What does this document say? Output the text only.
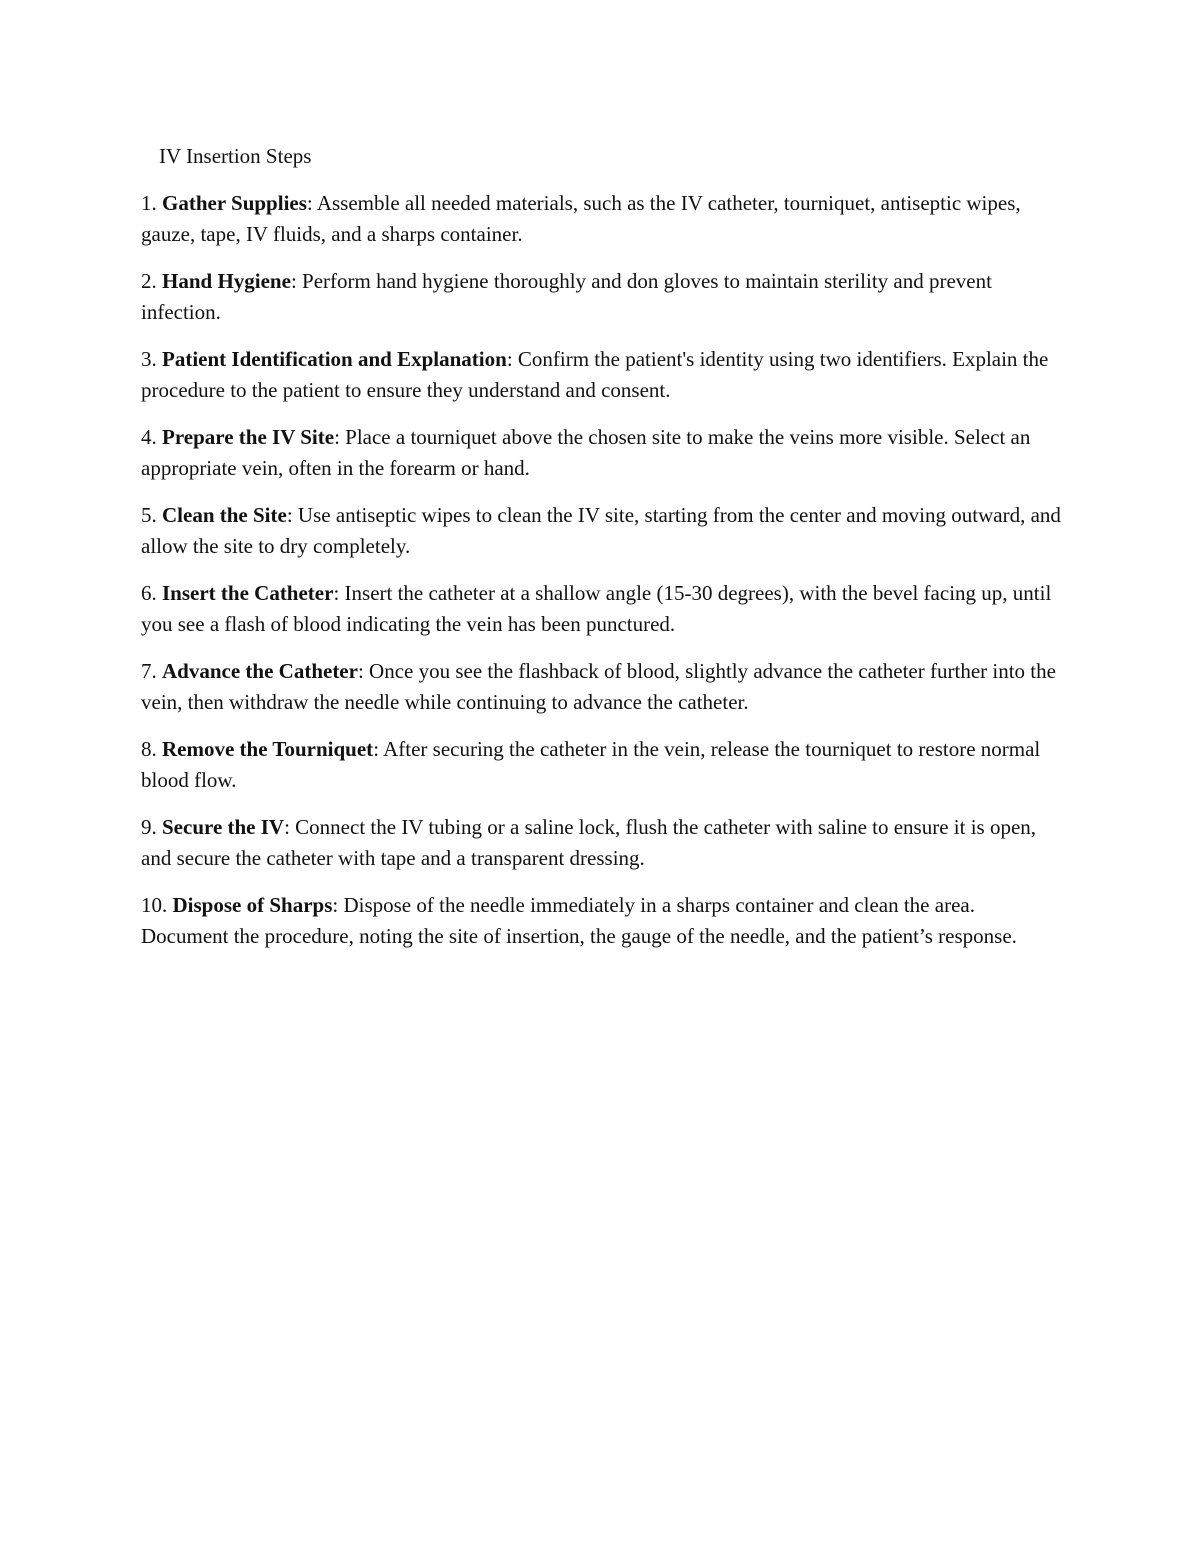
IV Insertion Steps

1. Gather Supplies: Assemble all needed materials, such as the IV catheter, tourniquet, antiseptic wipes, gauze, tape, IV fluids, and a sharps container.

2. Hand Hygiene: Perform hand hygiene thoroughly and don gloves to maintain sterility and prevent infection.

3. Patient Identification and Explanation: Confirm the patient's identity using two identifiers. Explain the procedure to the patient to ensure they understand and consent.

4. Prepare the IV Site: Place a tourniquet above the chosen site to make the veins more visible. Select an appropriate vein, often in the forearm or hand.

5. Clean the Site: Use antiseptic wipes to clean the IV site, starting from the center and moving outward, and allow the site to dry completely.

6. Insert the Catheter: Insert the catheter at a shallow angle (15-30 degrees), with the bevel facing up, until you see a flash of blood indicating the vein has been punctured.

7. Advance the Catheter: Once you see the flashback of blood, slightly advance the catheter further into the vein, then withdraw the needle while continuing to advance the catheter.

8. Remove the Tourniquet: After securing the catheter in the vein, release the tourniquet to restore normal blood flow.

9. Secure the IV: Connect the IV tubing or a saline lock, flush the catheter with saline to ensure it is open, and secure the catheter with tape and a transparent dressing.

10. Dispose of Sharps: Dispose of the needle immediately in a sharps container and clean the area. Document the procedure, noting the site of insertion, the gauge of the needle, and the patient’s response.
